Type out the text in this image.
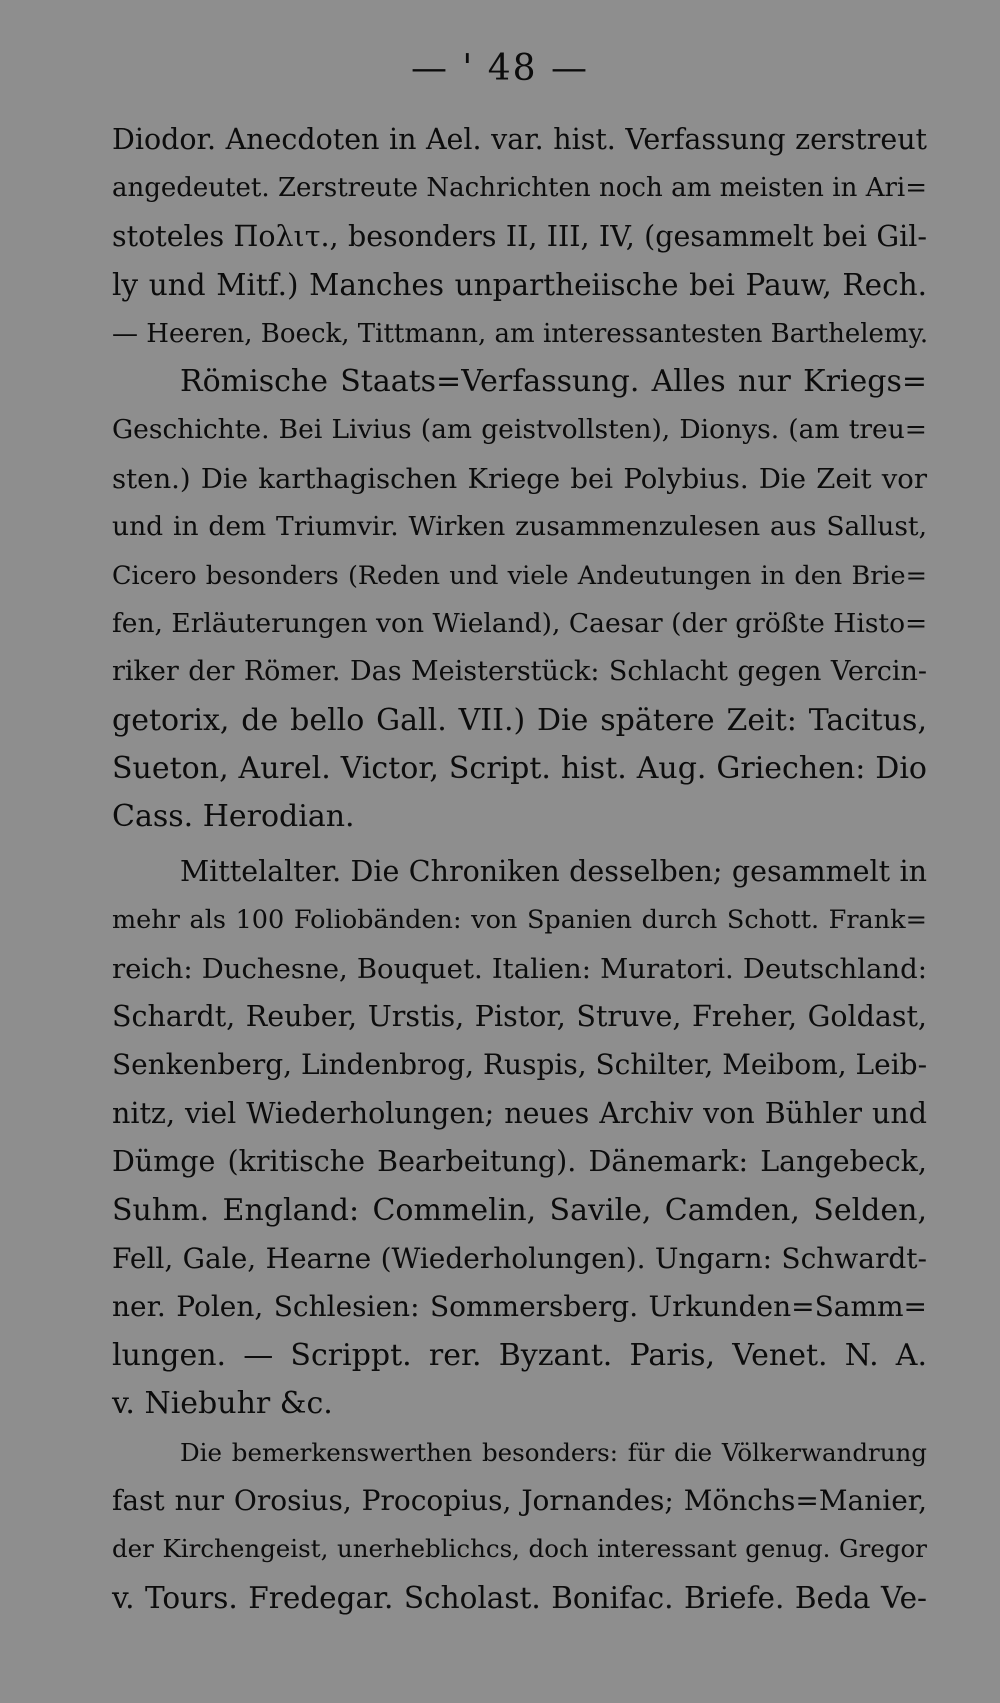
— ' 48 —
Diodor. Anecdoten in Ael. var. hist. Verfassung zerstreut
angedeutet. Zerstreute Nachrichten noch am meisten in Ari=
stoteles Πολιτ., besonders II, III, IV, (gesammelt bei Gil-
ly und Mitf.) Manches unpartheiische bei Pauw, Rech.
— Heeren, Boeck, Tittmann, am interessantesten Barthelemy.
Römische Staats=Verfassung. Alles nur Kriegs=
Geschichte. Bei Livius (am geistvollsten), Dionys. (am treu=
sten.) Die karthagischen Kriege bei Polybius. Die Zeit vor
und in dem Triumvir. Wirken zusammenzulesen aus Sallust,
Cicero besonders (Reden und viele Andeutungen in den Brie=
fen, Erläuterungen von Wieland), Caesar (der größte Histo=
riker der Römer. Das Meisterstück: Schlacht gegen Vercin-
getorix, de bello Gall. VII.) Die spätere Zeit: Tacitus,
Sueton, Aurel. Victor, Script. hist. Aug. Griechen: Dio
Cass. Herodian.
Mittelalter. Die Chroniken desselben; gesammelt in
mehr als 100 Foliobänden: von Spanien durch Schott. Frank=
reich: Duchesne, Bouquet. Italien: Muratori. Deutschland:
Schardt, Reuber, Urstis, Pistor, Struve, Freher, Goldast,
Senkenberg, Lindenbrog, Ruspis, Schilter, Meibom, Leib-
nitz, viel Wiederholungen; neues Archiv von Bühler und
Dümge (kritische Bearbeitung). Dänemark: Langebeck,
Suhm. England: Commelin, Savile, Camden, Selden,
Fell, Gale, Hearne (Wiederholungen). Ungarn: Schwardt-
ner. Polen, Schlesien: Sommersberg. Urkunden=Samm=
lungen. — Scrippt. rer. Byzant. Paris, Venet. N. A.
v. Niebuhr &c.
Die bemerkenswerthen besonders: für die Völkerwandrung
fast nur Orosius, Procopius, Jornandes; Mönchs=Manier,
der Kirchengeist, unerheblichcs, doch interessant genug. Gregor
v. Tours. Fredegar. Scholast. Bonifac. Briefe. Beda Ve-
